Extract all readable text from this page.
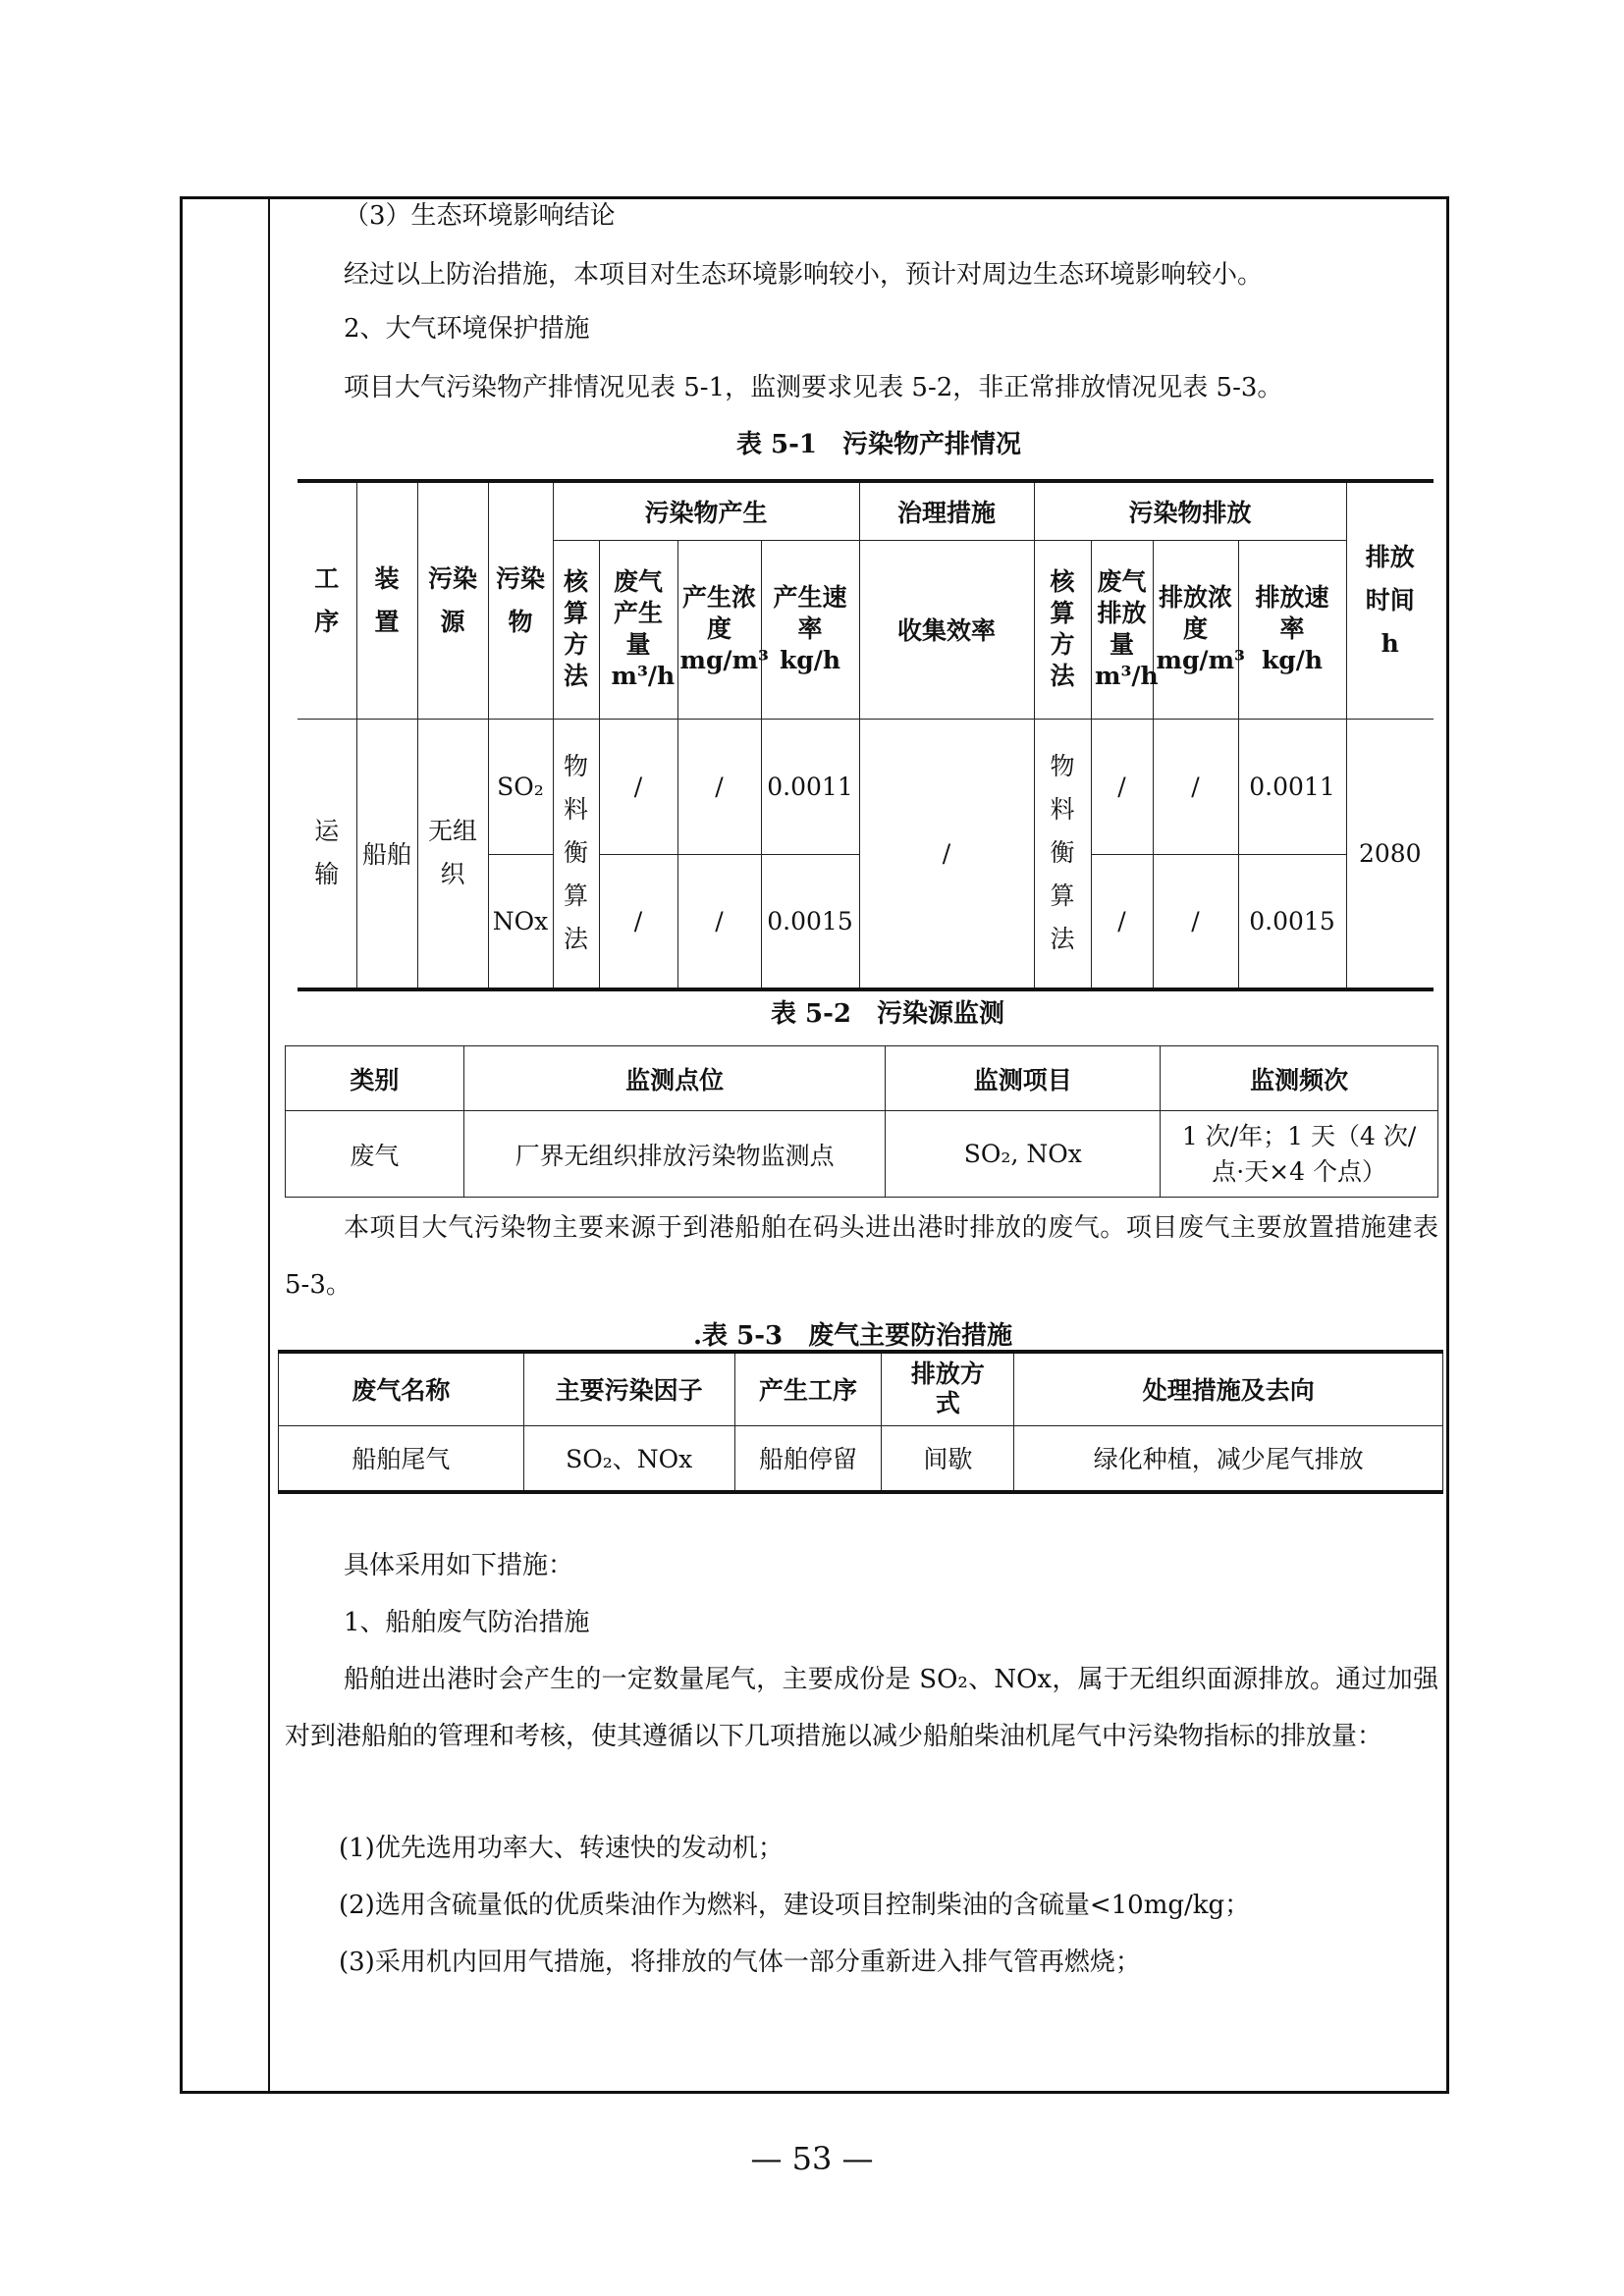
（3）生态环境影响结论
经过以上防治措施，本项目对生态环境影响较小，预计对周边生态环境影响较小。
2、大气环境保护措施
项目大气污染物产排情况见表 5-1，监测要求见表 5-2，非正常排放情况见表 5-3。
表 5-1　污染物产排情况
工序	装置	污染源	污染物	污染物产生				治理措施	污染物排放				排放时间 h
				核算方法	废气产生量 m³/h	产生浓度 mg/m³	产生速率 kg/h	收集效率	核算方法	废气排放量 m³/h	排放浓度 mg/m³	排放速率 kg/h	
运输	船舶	无组织	SO₂	物料衡算法	/	/	0.0011	/	物料衡算法	/	/	0.0011	2080
			NOx		/	/	0.0015			/	/	0.0015	
表 5-2　污染源监测
类别	监测点位	监测项目	监测频次
废气	厂界无组织排放污染物监测点	SO₂, NOx	1 次/年；1 天（4 次/点·天×4 个点）
本项目大气污染物主要来源于到港船舶在码头进出港时排放的废气。项目废气主要放置措施建表5-3。
.表 5-3　废气主要防治措施
废气名称	主要污染因子	产生工序	排放方式	处理措施及去向
船舶尾气	SO₂、NOx	船舶停留	间歇	绿化种植，减少尾气排放
具体采用如下措施：
1、船舶废气防治措施
船舶进出港时会产生的一定数量尾气，主要成份是 SO₂、NOx，属于无组织面源排放。通过加强对到港船舶的管理和考核，使其遵循以下几项措施以减少船舶柴油机尾气中污染物指标的排放量：
(1)优先选用功率大、转速快的发动机；
(2)选用含硫量低的优质柴油作为燃料，建设项目控制柴油的含硫量<10mg/kg；
(3)采用机内回用气措施，将排放的气体一部分重新进入排气管再燃烧；
— 53 —
